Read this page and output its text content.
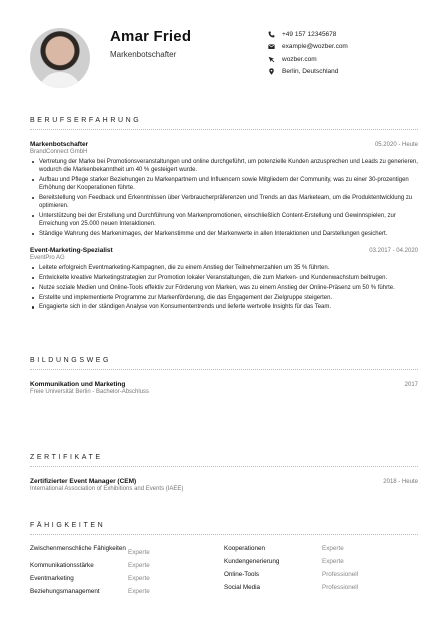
Amar Fried
Markenbotschafter
+49 157 12345678
example@wozber.com
wozber.com
Berlin, Deutschland
BERUFSERFAHRUNG
Markenbotschafter	05.2020 - Heute
BrandConnect GmbH
Vertretung der Marke bei Promotionsveranstaltungen und online durchgeführt, um potenzielle Kunden anzusprechen und Leads zu generieren, wodurch die Markenbekanntheit um 40 % gesteigert wurde.
Aufbau und Pflege starker Beziehungen zu Markenpartnern und Influencern sowie Mitgliedern der Community, was zu einer 30-prozentigen Erhöhung der Kooperationen führte.
Bereitstellung von Feedback und Erkenntnissen über Verbraucherpräferenzen und Trends an das Marketeam, um die Produktentwicklung zu optimieren.
Unterstützung bei der Erstellung und Durchführung von Markenpromotionen, einschließlich Content-Erstellung und Gewinnspielen, zur Erreichung von 25.000 neuen Interaktionen.
Ständige Wahrung des Markenimages, der Markenstimme und der Markenwerte in allen Interaktionen und Darstellungen gesichert.
Event-Marketing-Spezialist	03.2017 - 04.2020
EventPro AG
Leitete erfolgreich Eventmarketing-Kampagnen, die zu einem Anstieg der Teilnehmerzahlen um 35 % führten.
Entwickelte kreative Marketingstrategien zur Promotion lokaler Veranstaltungen, die zum Marken- und Kundenwachstum beitrugen.
Nutze soziale Medien und Online-Tools effektiv zur Förderung von Marken, was zu einem Anstieg der Online-Präsenz um 50 % führte.
Erstellte und implementierte Programme zur Markenförderung, die das Engagement der Zielgruppe steigerten.
Engagierte sich in der ständigen Analyse von Konsumententrends und lieferte wertvolle Insights für das Team.
BILDUNGSWEG
Kommunikation und Marketing	2017
Freie Universität Berlin - Bachelor-Abschluss
ZERTIFIKATE
Zertifizierter Event Manager (CEM)	2018 - Heute
International Association of Exhibitions and Events (IAEE)
FÄHIGKEITEN
Zwischenmenschliche Fähigkeiten
Experte
Kommunikationsstärke	Experte
Eventmarketing	Experte
Beziehungsmanagement	Experte
Kooperationen	Experte
Kundengenerierung	Experte
Online-Tools	Professionell
Social Media	Professionell
